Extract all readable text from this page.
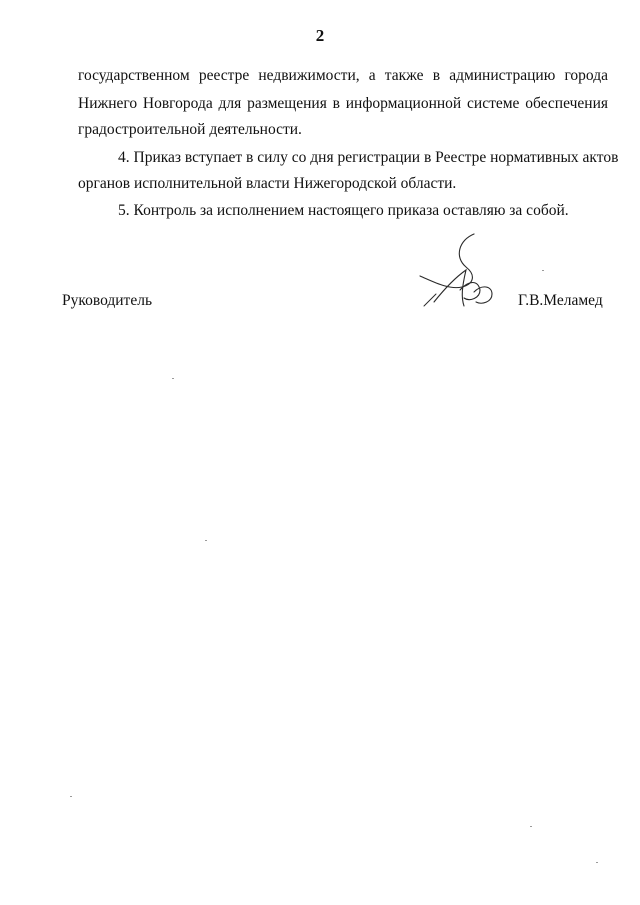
2
государственном реестре недвижимости, а также в администрацию города
Нижнего Новгорода для размещения в информационной системе обеспечения
градостроительной деятельности.
4. Приказ вступает в силу со дня регистрации в Реестре нормативных актов
органов исполнительной власти Нижегородской области.
5. Контроль за исполнением настоящего приказа оставляю за собой.
Руководитель	Г.В.Меламед
